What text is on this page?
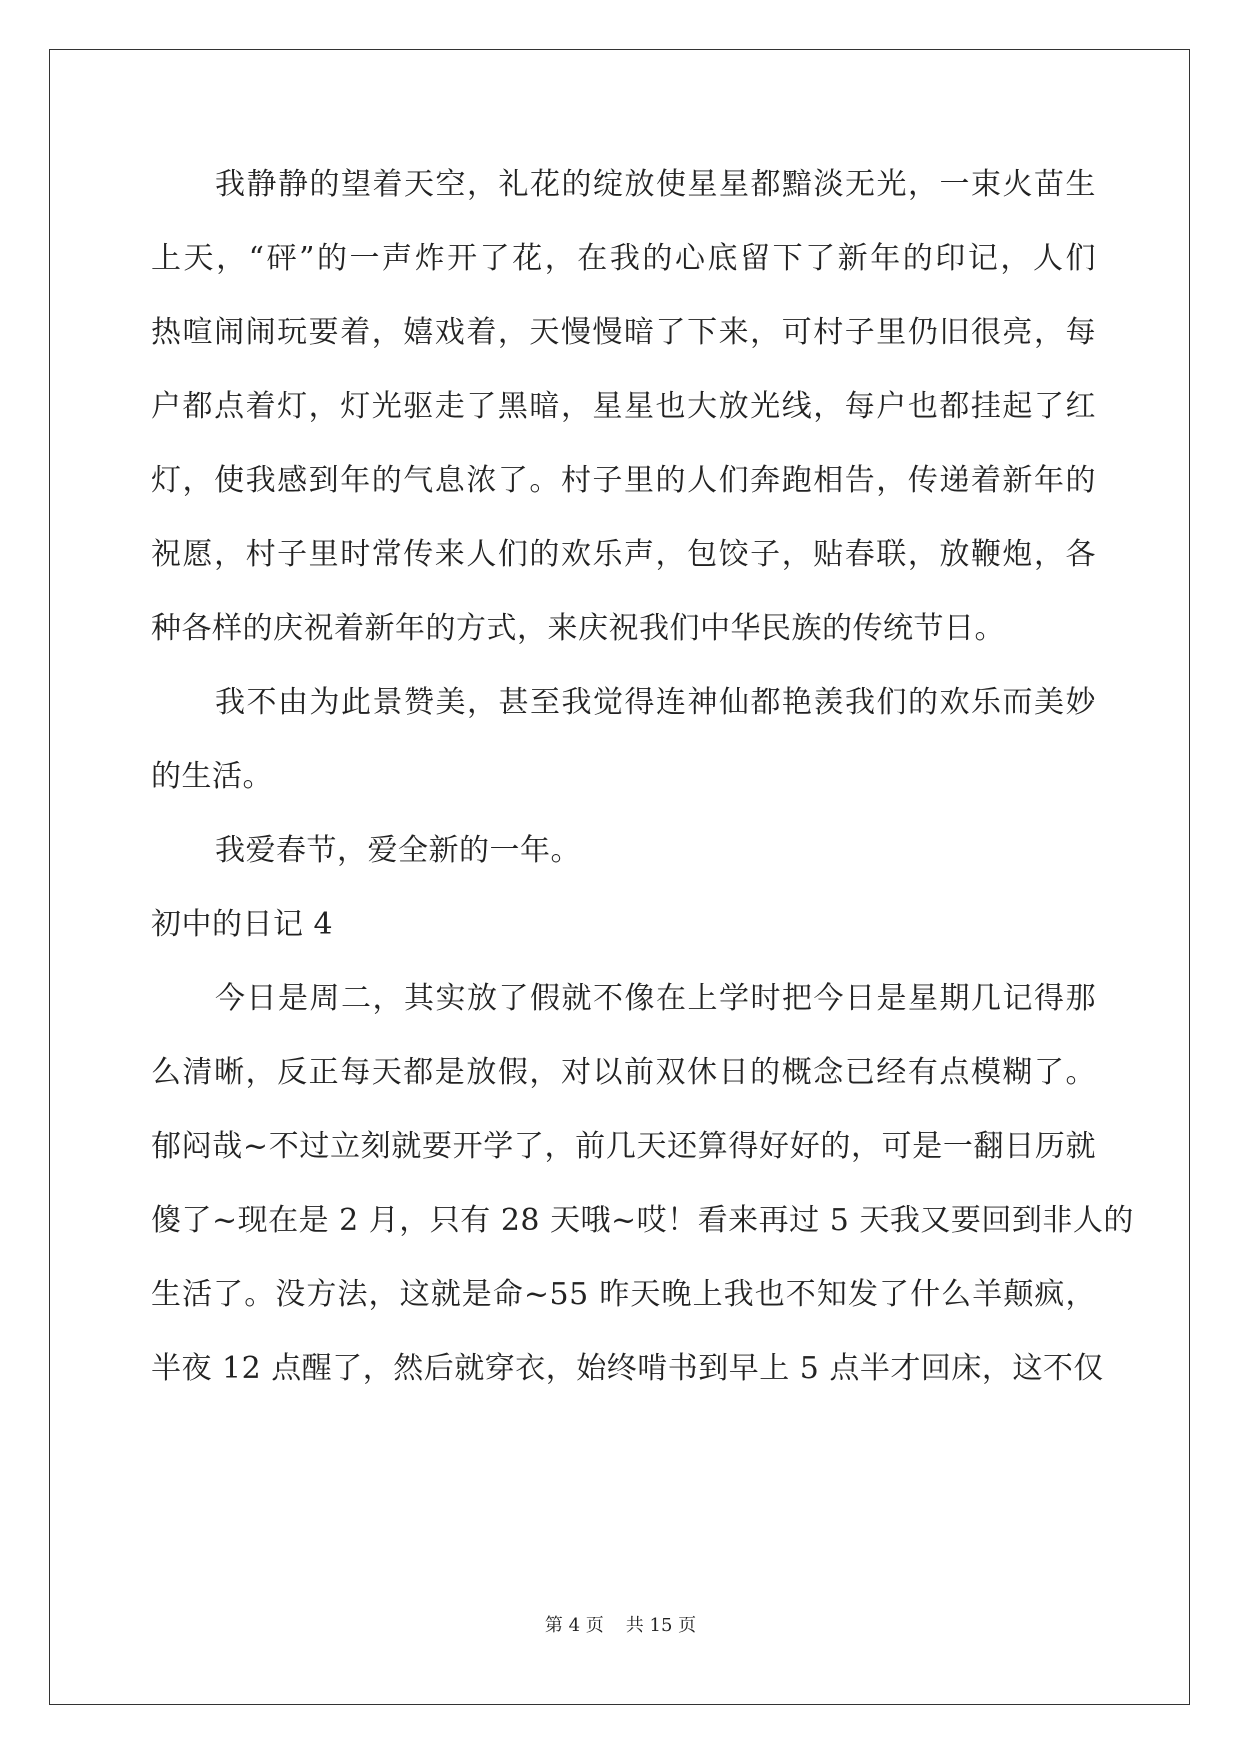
我静静的望着天空，礼花的绽放使星星都黯淡无光，一束火苗生
上天，“砰”的一声炸开了花，在我的心底留下了新年的印记，人们
热喧闹闹玩要着，嬉戏着，天慢慢暗了下来，可村子里仍旧很亮，每
户都点着灯，灯光驱走了黑暗，星星也大放光线，每户也都挂起了红
灯，使我感到年的气息浓了。村子里的人们奔跑相告，传递着新年的
祝愿，村子里时常传来人们的欢乐声，包饺子，贴春联，放鞭炮，各
种各样的庆祝着新年的方式，来庆祝我们中华民族的传统节日。
我不由为此景赞美，甚至我觉得连神仙都艳羡我们的欢乐而美妙
的生活。
我爱春节，爱全新的一年。
初中的日记 4
今日是周二，其实放了假就不像在上学时把今日是星期几记得那
么清晰，反正每天都是放假，对以前双休日的概念已经有点模糊了。
郁闷哉~不过立刻就要开学了，前几天还算得好好的，可是一翻日历就
傻了~现在是 2 月，只有 28 天哦~哎！看来再过 5 天我又要回到非人的
生活了。没方法，这就是命~55 昨天晚上我也不知发了什么羊颠疯，
半夜 12 点醒了，然后就穿衣，始终啃书到早上 5 点半才回床，这不仅
第 4 页 共 15 页
